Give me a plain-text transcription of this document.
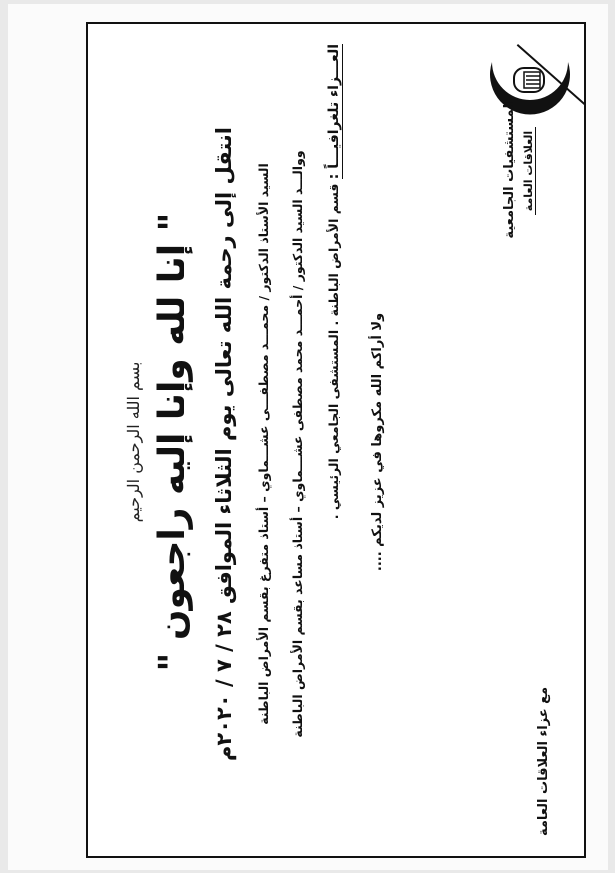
المستشفيات الجامعية العلاقات العامة
بسم الله الرحمن الرحيم " إنا لله وإنا إليه راجعون "
انتقل إلى رحمة الله تعالى يوم الثلاثاء الموافق ٢٨ / ٧ / ٢٠٢٠م السيد الأستاذ الدكتور / محمـــد مصطفـــى عشـــماوي – أستاذ متفرغ بقسم الأمراض الباطنة ووالـــد السيد الدكتور / أحمـــد محمد مصطفى عشـــماوي – أستاذ مساعد بقسم الأمراض الباطنة
العـــزاء تلغرافيـــاً : قسم الأمراض الباطنة . المستشفى الجامعي الرئيسي . ولا أراكم الله مكروها في عزيز لديكم ....
مع عزاء العلاقات العامة
